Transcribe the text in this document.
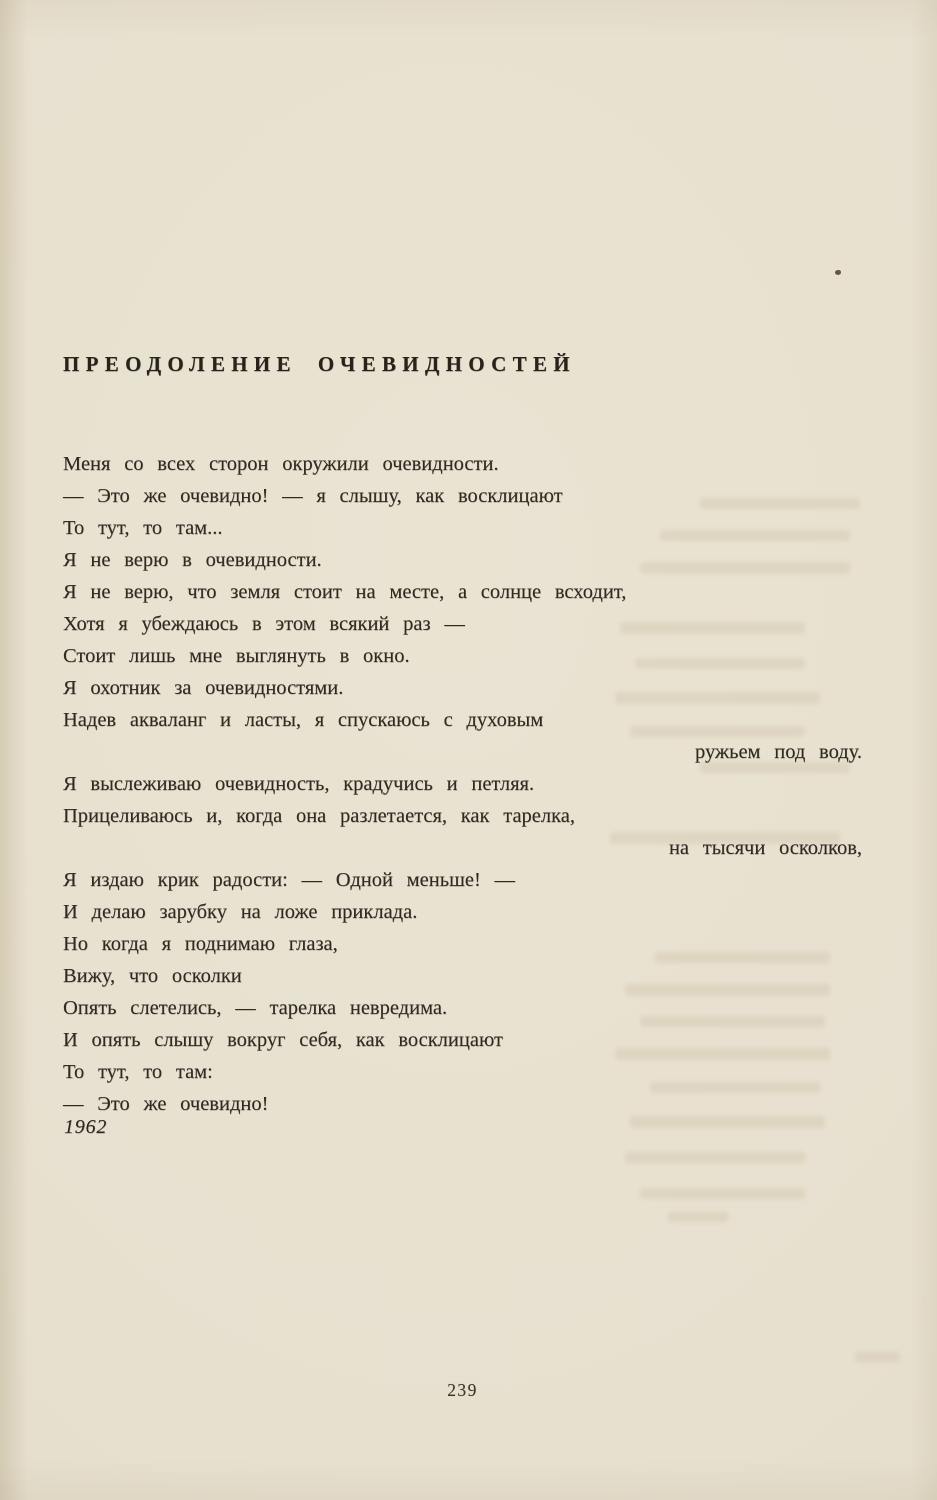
ПРЕОДОЛЕНИЕ ОЧЕВИДНОСТЕЙ
Меня со всех сторон окружили очевидности.
— Это же очевидно! — я слышу, как восклицают
То тут, то там...
Я не верю в очевидности.
Я не верю, что земля стоит на месте, а солнце всходит,
Хотя я убеждаюсь в этом всякий раз —
Стоит лишь мне выглянуть в окно.
Я охотник за очевидностями.
Надев акваланг и ласты, я спускаюсь с духовым
ружьем под воду.
Я выслеживаю очевидность, крадучись и петляя.
Прицеливаюсь и, когда она разлетается, как тарелка,
на тысячи осколков,
Я издаю крик радости: — Одной меньше! —
И делаю зарубку на ложе приклада.
Но когда я поднимаю глаза,
Вижу, что осколки
Опять слетелись, — тарелка невредима.
И опять слышу вокруг себя, как восклицают
То тут, то там:
— Это же очевидно!
1962
239
